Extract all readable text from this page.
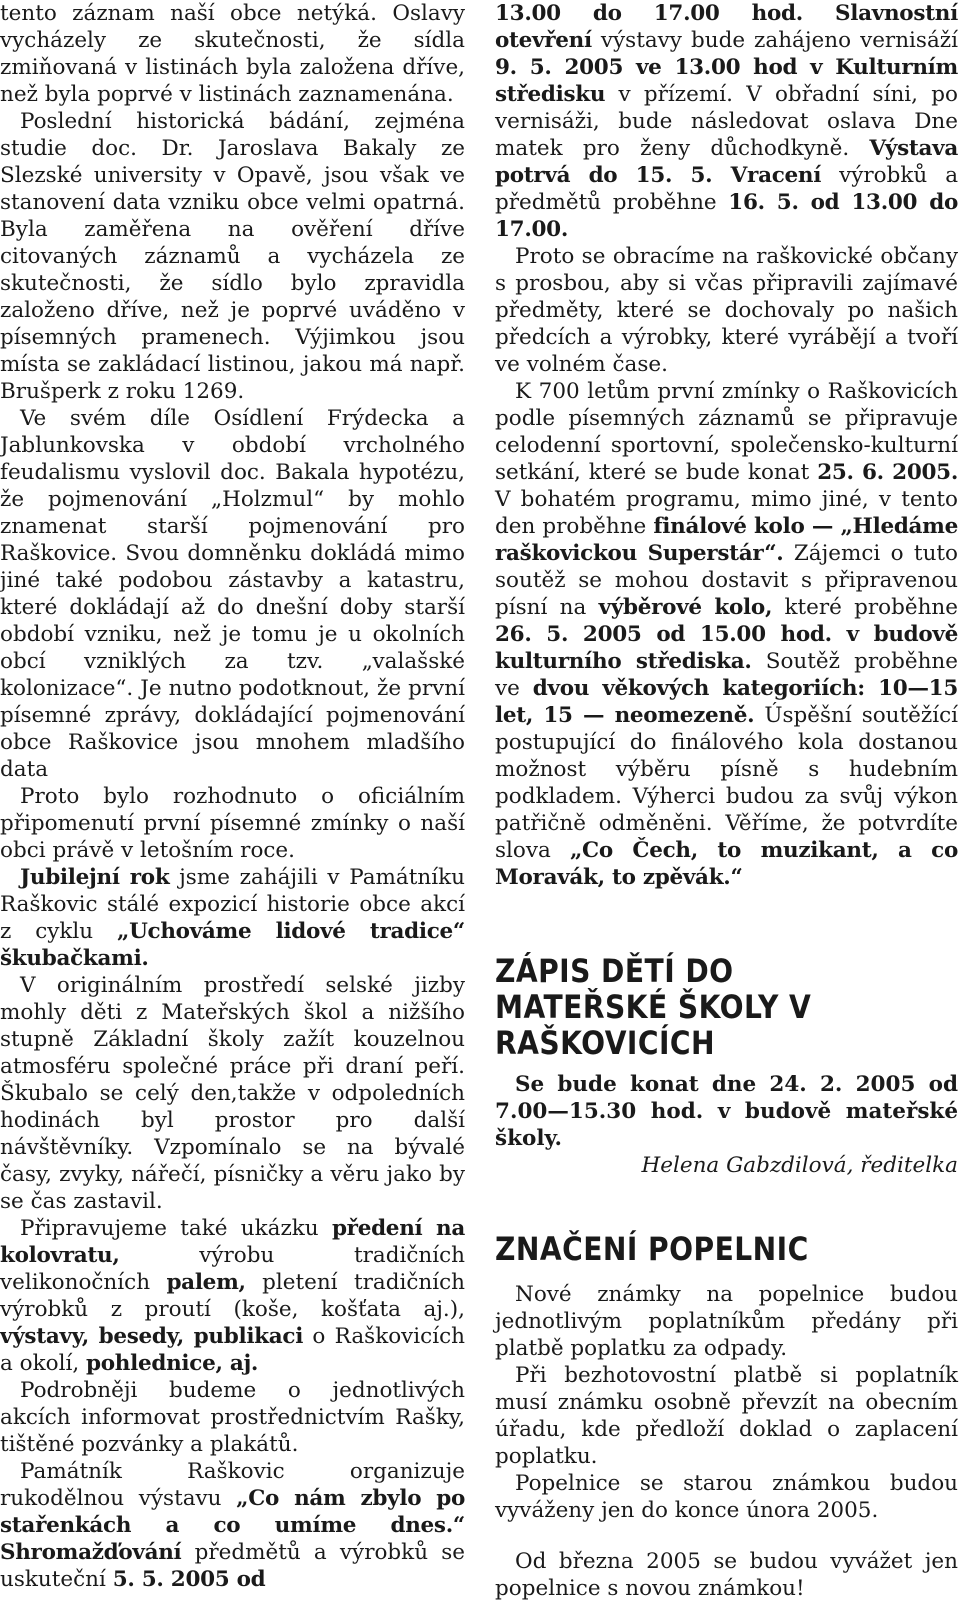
tento záznam naší obce netýká. Oslavy vycházely ze skutečnosti, že sídla zmiňovaná v listinách byla založena dříve, než byla poprvé v listinách zaznamenána.

Poslední historická bádání, zejména studie doc. Dr. Jaroslava Bakaly ze Slezské university v Opavě, jsou však ve stanovení data vzniku obce velmi opatrná. Byla zaměřena na ověření dříve citovaných záznamů a vycházela ze skutečnosti, že sídlo bylo zpravidla založeno dříve, než je poprvé uváděno v písemných pramenech. Výjimkou jsou místa se zakládací listinou, jakou má např. Brušperk z roku 1269.

Ve svém díle Osídlení Frýdecka a Jablunkovska v období vrcholného feudalismu vyslovil doc. Bakala hypotézu, že pojmenování „Holzmul“ by mohlo znamenat starší pojmenování pro Raškovice. Svou domněnku dokládá mimo jiné také podobou zástavby a katastru, které dokládají až do dnešní doby starší období vzniku, než je tomu je u okolních obcí vzniklých za tzv. „valašské kolonizace“. Je nutno podotknout, že první písemné zprávy, dokládající pojmenování obce Raškovice jsou mnohem mladšího data

Proto bylo rozhodnuto o oficiálním připomenutí první písemné zmínky o naší obci právě v letošním roce.

Jubilejní rok jsme zahájili v Památníku Raškovic stálé expozicí historie obce akcí z cyklu „Uchováme lidové tradice“ škubačkami.

V originálním prostředí selské jizby mohly děti z Mateřských škol a nižšího stupně Základní školy zažít kouzelnou atmosféru společné práce při draní peří. Škubalo se celý den,takže v odpoledních hodinách byl prostor pro další návštěvníky. Vzpomínalo se na bývalé časy, zvyky, nářečí, písničky a věru jako by se čas zastavil.

Připravujeme také ukázku předení na kolovratu, výrobu tradičních velikonočních palem, pletení tradičních výrobků z proutí (koše, košťata aj.), výstavy, besedy, publikaci o Raškovicích a okolí, pohlednice, aj.

Podrobněji budeme o jednotlivých akcích informovat prostřednictvím Rašky, tištěné pozvánky a plakátů.

Památník Raškovic organizuje rukodělnou výstavu „Co nám zbylo po stařenkách a co umíme dnes.“ Shromažďování předmětů a výrobků se uskuteční 5. 5. 2005 od

13.00 do 17.00 hod. Slavnostní otevření výstavy bude zahájeno vernisáží 9. 5. 2005 ve 13.00 hod v Kulturním středisku v přízemí. V obřadní síni, po vernisáži, bude následovat oslava Dne matek pro ženy důchodkyně. Výstava potrvá do 15. 5. Vracení výrobků a předmětů proběhne 16. 5. od 13.00 do 17.00.

Proto se obracíme na raškovické občany s prosbou, aby si včas připravili zajímavé předměty, které se dochovaly po našich předcích a výrobky, které vyrábějí a tvoří ve volném čase.

K 700 letům první zmínky o Raškovicích podle písemných záznamů se připravuje celodenní sportovní, společensko-kulturní setkání, které se bude konat 25. 6. 2005. V bohatém programu, mimo jiné, v tento den proběhne finálové kolo — „Hledáme raškovickou Superstár“. Zájemci o tuto soutěž se mohou dostavit s připravenou písní na výběrové kolo, které proběhne 26. 5. 2005 od 15.00 hod. v budově kulturního střediska. Soutěž proběhne ve dvou věkových kategoriích: 10—15 let, 15 — neomezeně. Úspěšní soutěžící postupující do finálového kola dostanou možnost výběru písně s hudebním podkladem. Výherci budou za svůj výkon patřičně odměněni. Věříme, že potvrdíte slova „Co Čech, to muzikant, a co Moravák, to zpěvák.“

ZÁPIS DĚTÍ DO MATEŘSKÉ ŠKOLY V RAŠKOVICÍCH

Se bude konat dne 24. 2. 2005 od 7.00—15.30 hod. v budově mateřské školy.

Helena Gabzdilová, ředitelka

ZNAČENÍ POPELNIC

Nové známky na popelnice budou jednotlivým poplatníkům předány při platbě poplatku za odpady.

Při bezhotovostní platbě si poplatník musí známku osobně převzít na obecním úřadu, kde předloží doklad o zaplacení poplatku.

Popelnice se starou známkou budou vyváženy jen do konce února 2005.

Od března 2005 se budou vyvážet jen popelnice s novou známkou!
